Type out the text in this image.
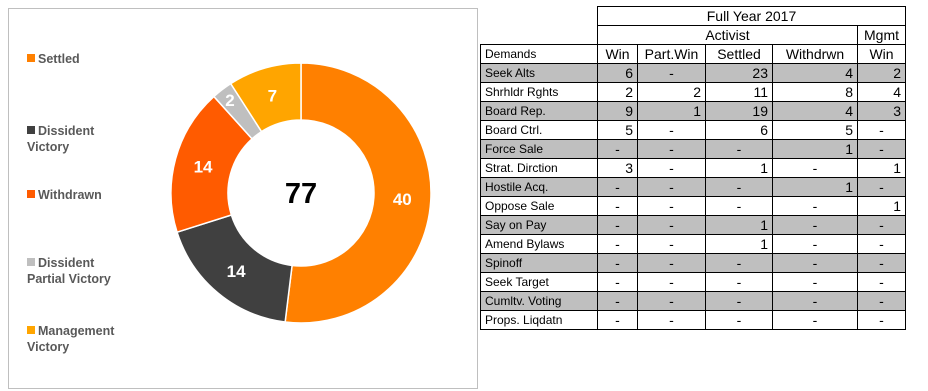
40
14
14
2 7
77
Settled
Dissident
Victory
Withdrawn
Dissident
Partial Victory
Management
Victory
	Full Year 2017				
	Activist				Mgmt
Demands	Win	Part.Win	Settled	Withdrwn	Win
Seek Alts	6	-	23	4	2
Shrhldr Rghts	2	2	11	8	4
Board Rep.	9	1	19	4	3
Board Ctrl.	5	-	6	5	-
Force Sale	-	-	-	1	-
Strat. Dirction	3	-	1	-	1
Hostile Acq.	-	-	-	1	-
Oppose Sale	-	-	-	-	1
Say on Pay	-	-	1	-	-
Amend Bylaws	-	-	1	-	-
Spinoff	-	-	-	-	-
Seek Target	-	-	-	-	-
Cumltv. Voting	-	-	-	-	-
Props. Liqdatn	-	-	-	-	-
